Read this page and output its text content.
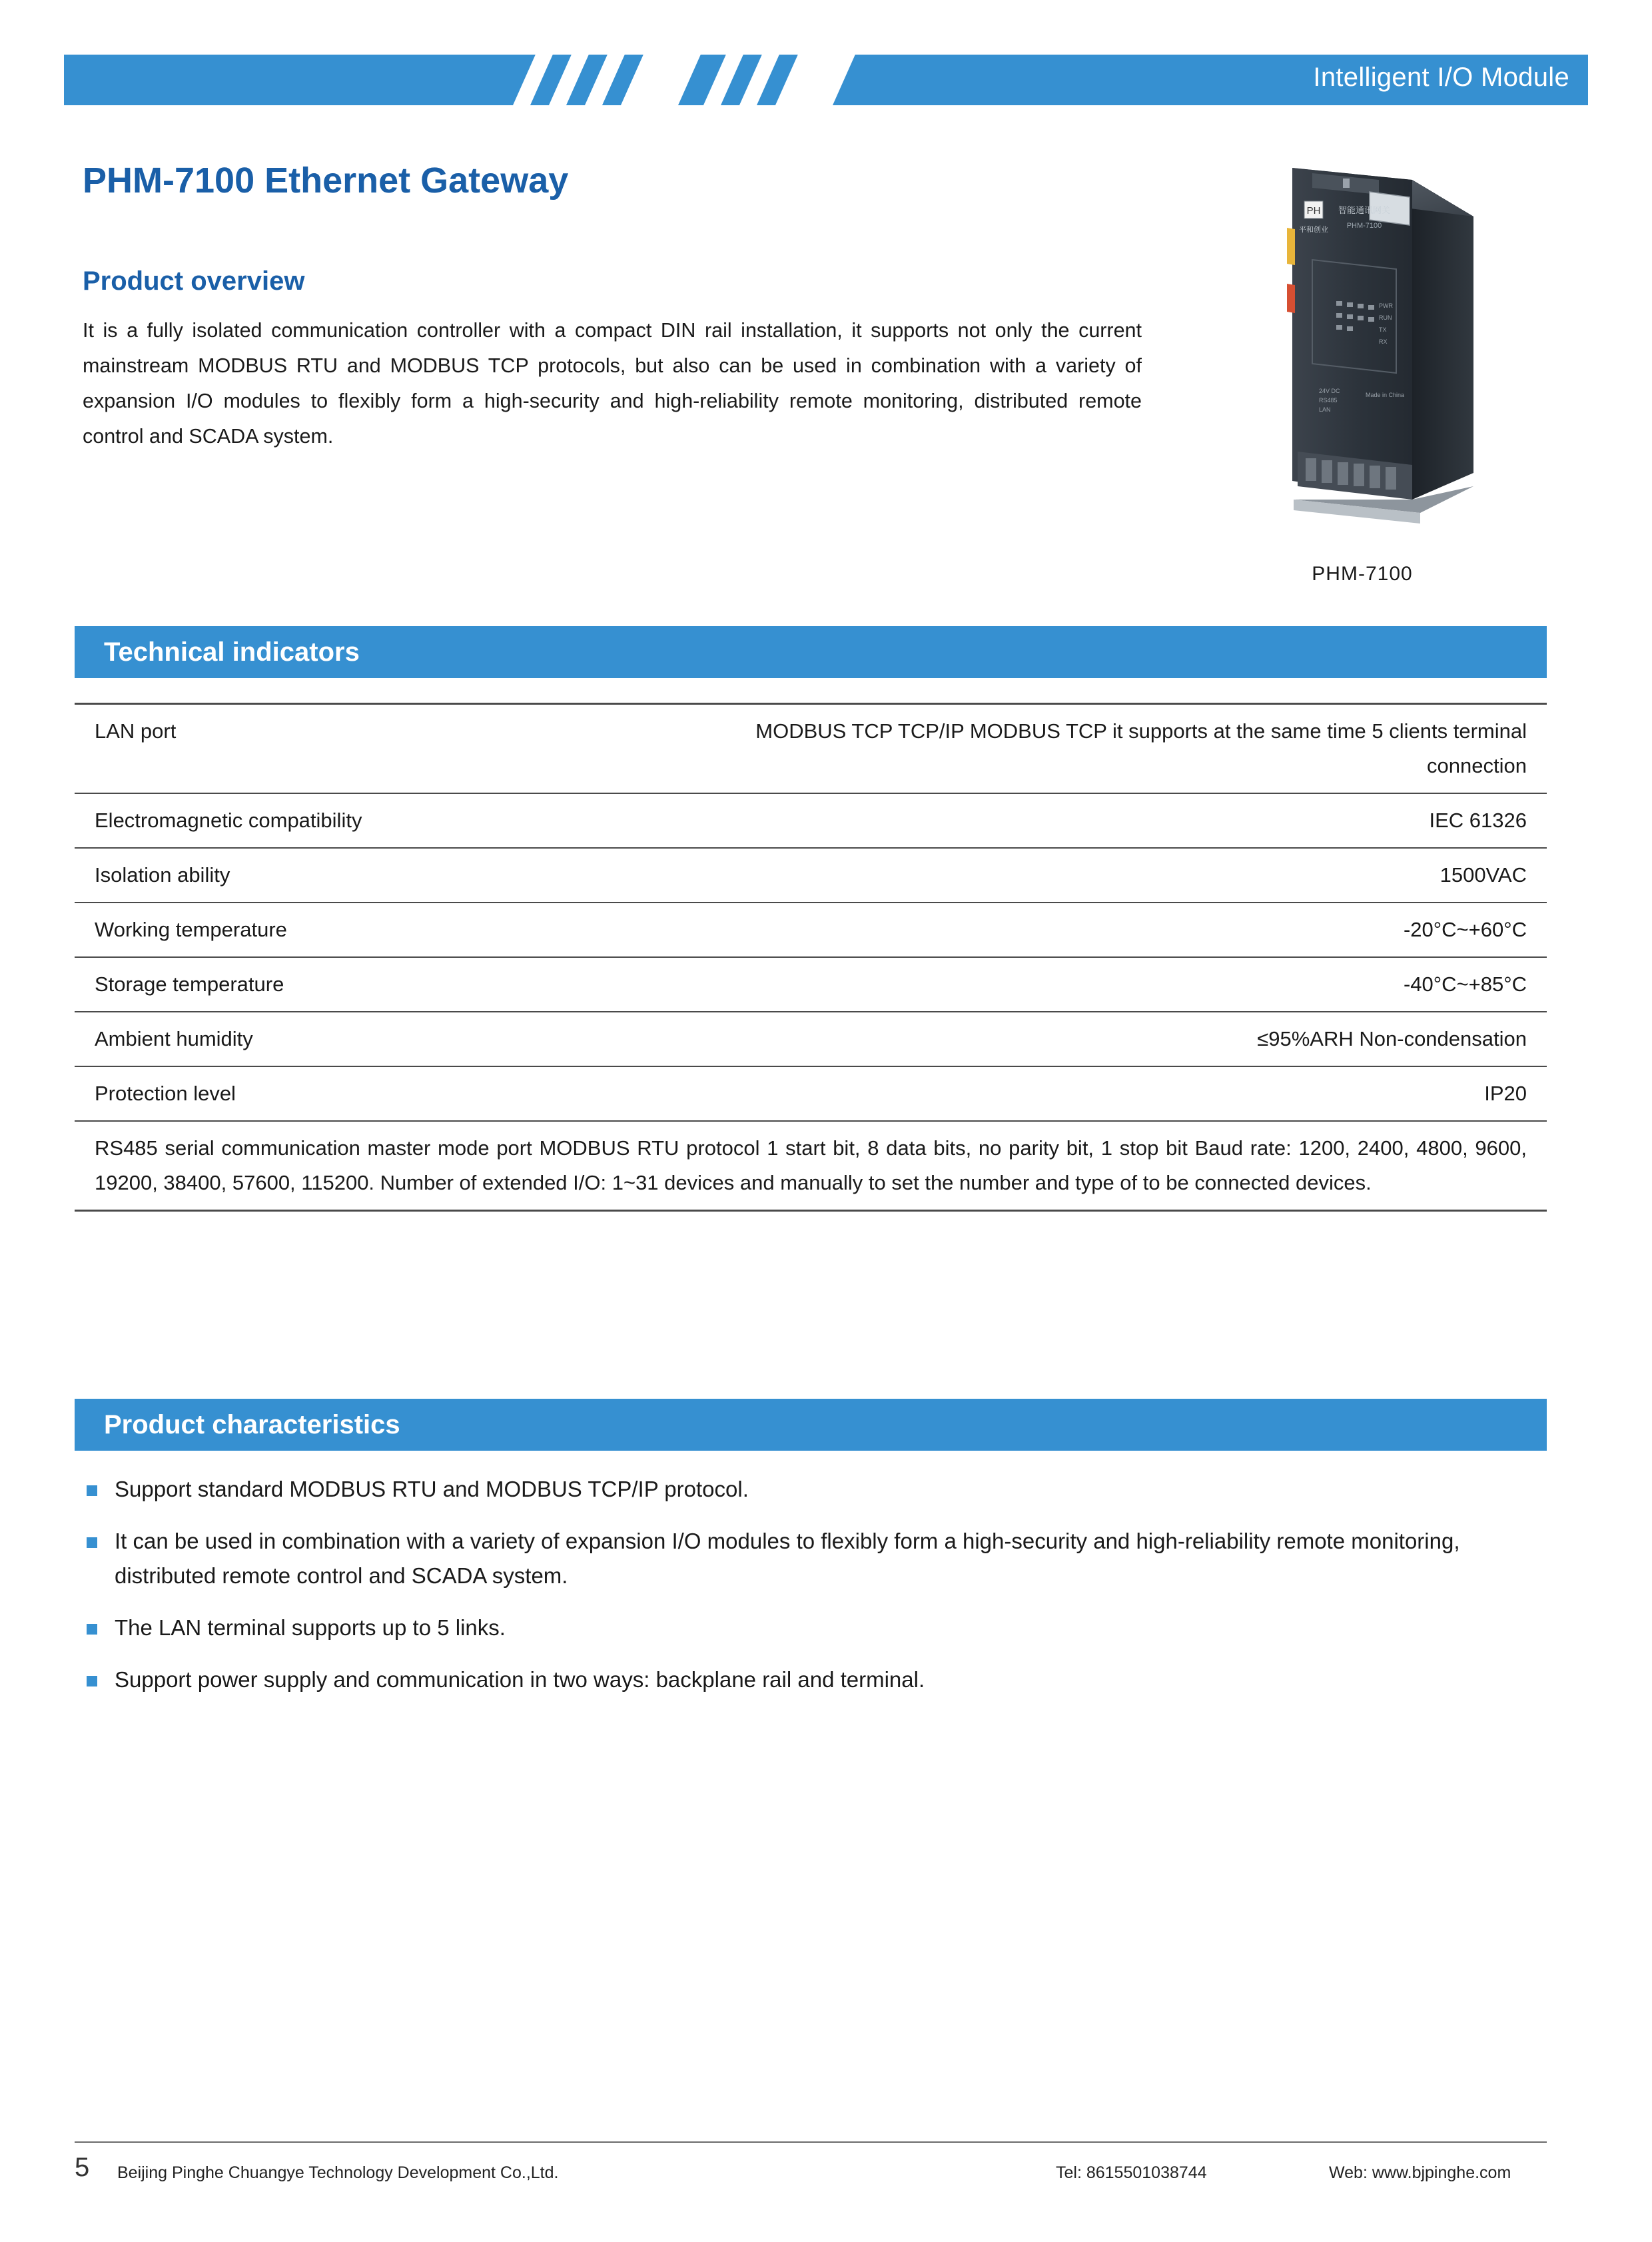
Intelligent I/O Module
PHM-7100 Ethernet Gateway
Product overview
It is a fully isolated communication controller with a compact DIN rail installation, it supports not only the current mainstream MODBUS RTU and MODBUS TCP protocols, but also can be used in combination with a variety of expansion I/O modules to flexibly form a high-security and high-reliability remote monitoring, distributed remote control and SCADA system.
PH
平和创业
智能通讯网关
PHM-7100
PWR
RUN
TX
RX
24V DC
RS485
LAN
Made in China
PHM-7100
Technical indicators
LAN port	MODBUS TCP TCP/IP MODBUS TCP it supports at the same time 5 clients terminal connection
Electromagnetic compatibility	IEC 61326
Isolation ability	1500VAC
Working temperature	-20°C~+60°C
Storage temperature	-40°C~+85°C
Ambient humidity	≤95%ARH Non-condensation
Protection level	IP20
RS485 serial communication master mode port MODBUS RTU protocol 1 start bit, 8 data bits, no parity bit, 1 stop bit Baud rate: 1200, 2400, 4800, 9600, 19200, 38400, 57600, 115200. Number of extended I/O: 1~31 devices and manually to set the number and type of to be connected devices.	
Product characteristics
Support standard MODBUS RTU and MODBUS TCP/IP protocol.
It can be used in combination with a variety of expansion I/O modules to flexibly form a high-security and high-reliability remote monitoring, distributed remote control and SCADA system.
The LAN terminal supports up to 5 links.
Support power supply and communication in two ways: backplane rail and terminal.
5 Beijing Pinghe Chuangye Technology Development Co.,Ltd.	Tel: 8615501038744	Web: www.bjpinghe.com
